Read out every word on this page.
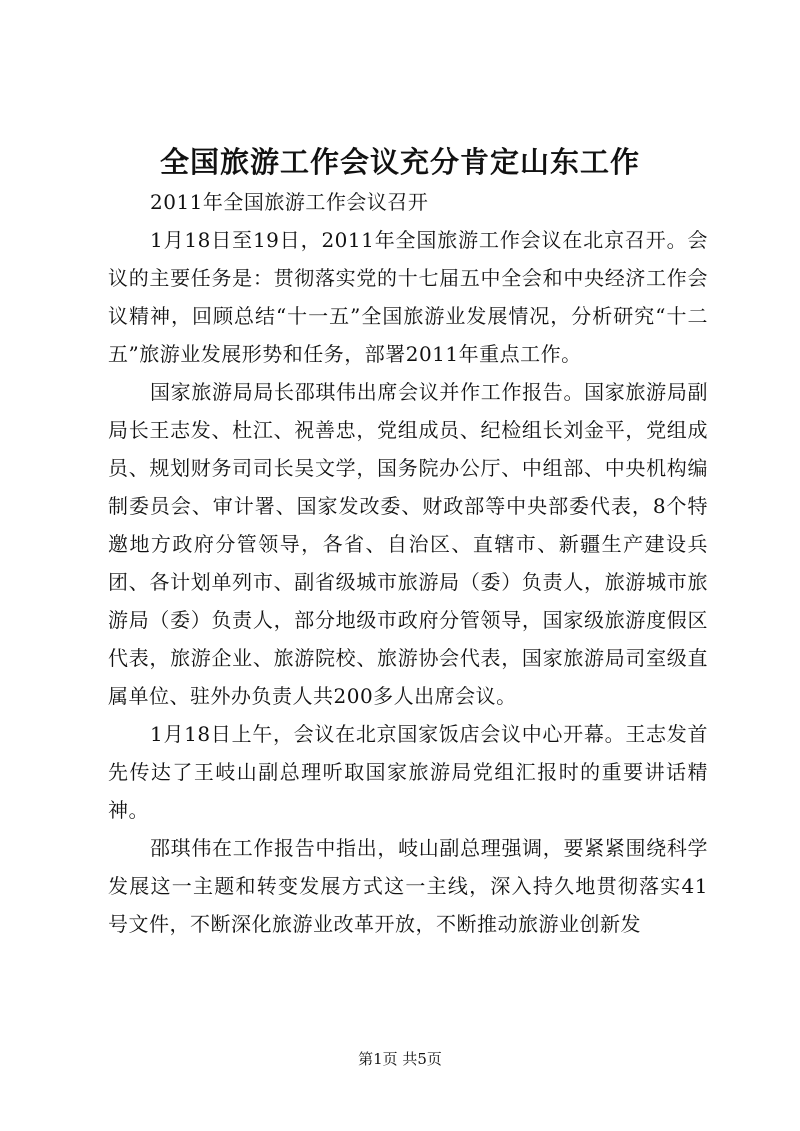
全国旅游工作会议充分肯定山东工作

2011年全国旅游工作会议召开

1月18日至19日，2011年全国旅游工作会议在北京召开。会议的主要任务是：贯彻落实党的十七届五中全会和中央经济工作会议精神，回顾总结“十一五”全国旅游业发展情况，分析研究“十二五”旅游业发展形势和任务，部署2011年重点工作。

国家旅游局局长邵琪伟出席会议并作工作报告。国家旅游局副局长王志发、杜江、祝善忠，党组成员、纪检组长刘金平，党组成员、规划财务司司长吴文学，国务院办公厅、中组部、中央机构编制委员会、审计署、国家发改委、财政部等中央部委代表，8个特邀地方政府分管领导，各省、自治区、直辖市、新疆生产建设兵团、各计划单列市、副省级城市旅游局（委）负责人，旅游城市旅游局（委）负责人，部分地级市政府分管领导，国家级旅游度假区代表，旅游企业、旅游院校、旅游协会代表，国家旅游局司室级直属单位、驻外办负责人共200多人出席会议。

1月18日上午，会议在北京国家饭店会议中心开幕。王志发首先传达了王岐山副总理听取国家旅游局党组汇报时的重要讲话精神。

邵琪伟在工作报告中指出，岐山副总理强调，要紧紧围绕科学发展这一主题和转变发展方式这一主线，深入持久地贯彻落实41号文件，不断深化旅游业改革开放，不断推动旅游业创新发

第1页 共5页
